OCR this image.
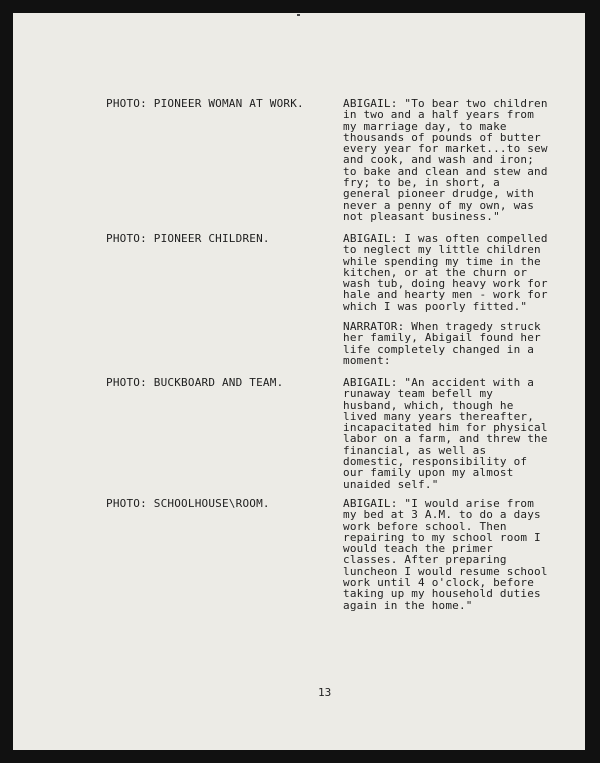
PHOTO: PIONEER WOMAN AT WORK.	ABIGAIL: "To bear two children
in two and a half years from
my marriage day, to make
thousands of pounds of butter
every year for market...to sew
and cook, and wash and iron;
to bake and clean and stew and
fry; to be, in short, a
general pioneer drudge, with
never a penny of my own, was
not pleasant business."
PHOTO: PIONEER CHILDREN.	ABIGAIL: I was often compelled
to neglect my little children
while spending my time in the
kitchen, or at the churn or
wash tub, doing heavy work for
hale and hearty men - work for
which I was poorly fitted."
NARRATOR: When tragedy struck
her family, Abigail found her
life completely changed in a
moment:
PHOTO: BUCKBOARD AND TEAM.	ABIGAIL: "An accident with a
runaway team befell my
husband, which, though he
lived many years thereafter,
incapacitated him for physical
labor on a farm, and threw the
financial, as well as
domestic, responsibility of
our family upon my almost
unaided self."
PHOTO: SCHOOLHOUSE\ROOM.	ABIGAIL: "I would arise from
my bed at 3 A.M. to do a days
work before school. Then
repairing to my school room I
would teach the primer
classes. After preparing
luncheon I would resume school
work until 4 o'clock, before
taking up my household duties
again in the home."
13
